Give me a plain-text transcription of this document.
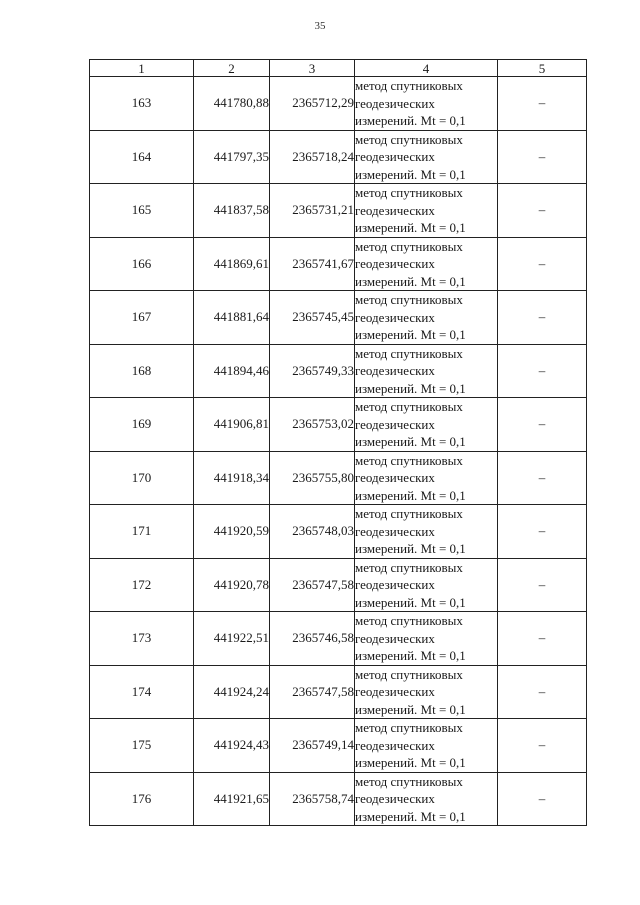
35
1	2	3	4	5
163	441780,88	2365712,29	метод спутниковых
геодезических
измерений. Mt = 0,1	–
164	441797,35	2365718,24	метод спутниковых
геодезических
измерений. Mt = 0,1	–
165	441837,58	2365731,21	метод спутниковых
геодезических
измерений. Mt = 0,1	–
166	441869,61	2365741,67	метод спутниковых
геодезических
измерений. Mt = 0,1	–
167	441881,64	2365745,45	метод спутниковых
геодезических
измерений. Mt = 0,1	–
168	441894,46	2365749,33	метод спутниковых
геодезических
измерений. Mt = 0,1	–
169	441906,81	2365753,02	метод спутниковых
геодезических
измерений. Mt = 0,1	–
170	441918,34	2365755,80	метод спутниковых
геодезических
измерений. Mt = 0,1	–
171	441920,59	2365748,03	метод спутниковых
геодезических
измерений. Mt = 0,1	–
172	441920,78	2365747,58	метод спутниковых
геодезических
измерений. Mt = 0,1	–
173	441922,51	2365746,58	метод спутниковых
геодезических
измерений. Mt = 0,1	–
174	441924,24	2365747,58	метод спутниковых
геодезических
измерений. Mt = 0,1	–
175	441924,43	2365749,14	метод спутниковых
геодезических
измерений. Mt = 0,1	–
176	441921,65	2365758,74	метод спутниковых
геодезических
измерений. Mt = 0,1	–
